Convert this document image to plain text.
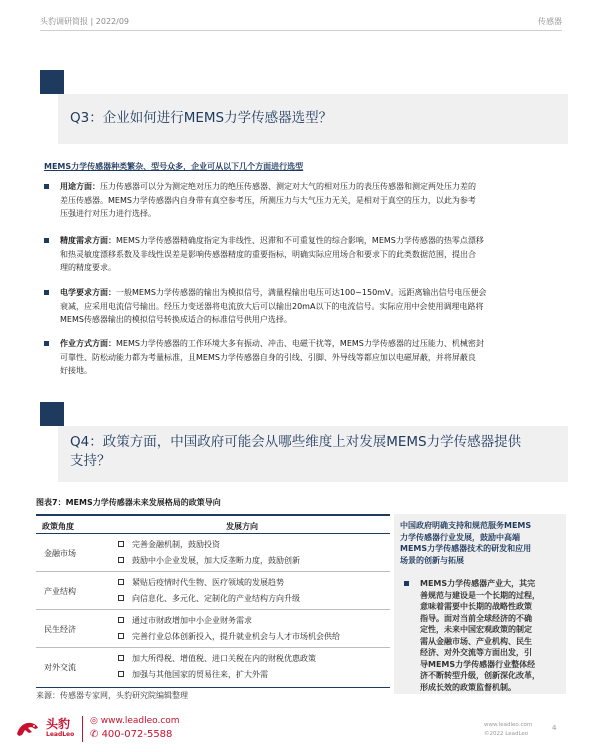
头豹调研简报 | 2022/09	传感器
Q3：企业如何进行MEMS力学传感器选型？
MEMS力学传感器种类繁杂、型号众多，企业可从以下几个方面进行选型
用途方面：压力传感器可以分为测定绝对压力的绝压传感器、测定对大气的相对压力的表压传感器和测定两处压力差的
差压传感器。MEMS力学传感器内自身带有真空参考压，所测压力与大气压力无关，是相对于真空的压力，以此为参考
压强进行对压力进行选择。
精度需求方面：MEMS力学传感器精确度指定为非线性、迟滞和不可重复性的综合影响，MEMS力学传感器的热零点漂移
和热灵敏度漂移系数及非线性误差是影响传感器精度的重要指标，明确实际应用场合和要求下的此类数据范围，提出合
理的精度要求。
电学要求方面：一般MEMS力学传感器的输出为模拟信号，满量程输出电压可达100~150mV。远距离输出信号电压便会
衰减，应采用电流信号输出。经压力变送器将电流放大后可以输出20mA以下的电流信号。实际应用中会使用调理电路将
MEMS传感器输出的模拟信号转换成适合的标准信号供用户选择。
作业方式方面：MEMS力学传感器的工作环境大多有振动、冲击、电磁干扰等，MEMS力学传感器的过压能力、机械密封
可靠性、防松动能力都为考量标准，且MEMS力学传感器自身的引线、引脚、外导线等都应加以电磁屏蔽，并将屏蔽良
好接地。
Q4：政策方面，中国政府可能会从哪些维度上对发展MEMS力学传感器提供
支持？
图表7：MEMS力学传感器未来发展格局的政策导向
政策角度	发展方向
金融市场
完善金融机制，鼓励投资
鼓励中小企业发展，加大反垄断力度，鼓励创新
产业结构
紧贴后疫情时代生物、医疗领域的发展趋势
向信息化、多元化、定制化的产业结构方向升级
民生经济
通过市财政增加中小企业财务需求
完善行业总体创新投入，提升就业机会与人才市场机会供给
对外交流
加大所得税、增值税、进口关税在内的财税优惠政策
加强与其他国家的贸易往来，扩大外需
来源：传感器专家网，头豹研究院编辑整理
中国政府明确支持和规范服务MEMS
力学传感器行业发展，鼓励中高端
MEMS力学传感器技术的研发和应用
场景的创新与拓展
MEMS力学传感器产业大，其完
善规范与建设是一个长期的过程，
意味着需要中长期的战略性政策
指导。面对当前全球经济的不确
定性，未来中国宏观政策的制定
需从金融市场、产业机构、民生
经济、对外交流等方面出发，引
导MEMS力学传感器行业整体经
济不断转型升级，创新深化改革，
形成长效的政策监督机制。
头豹
LeadLeo
◎ www.leadleo.com
✆ 400-072-5588
www.leadleo.com
©2022 LeadLeo
4
